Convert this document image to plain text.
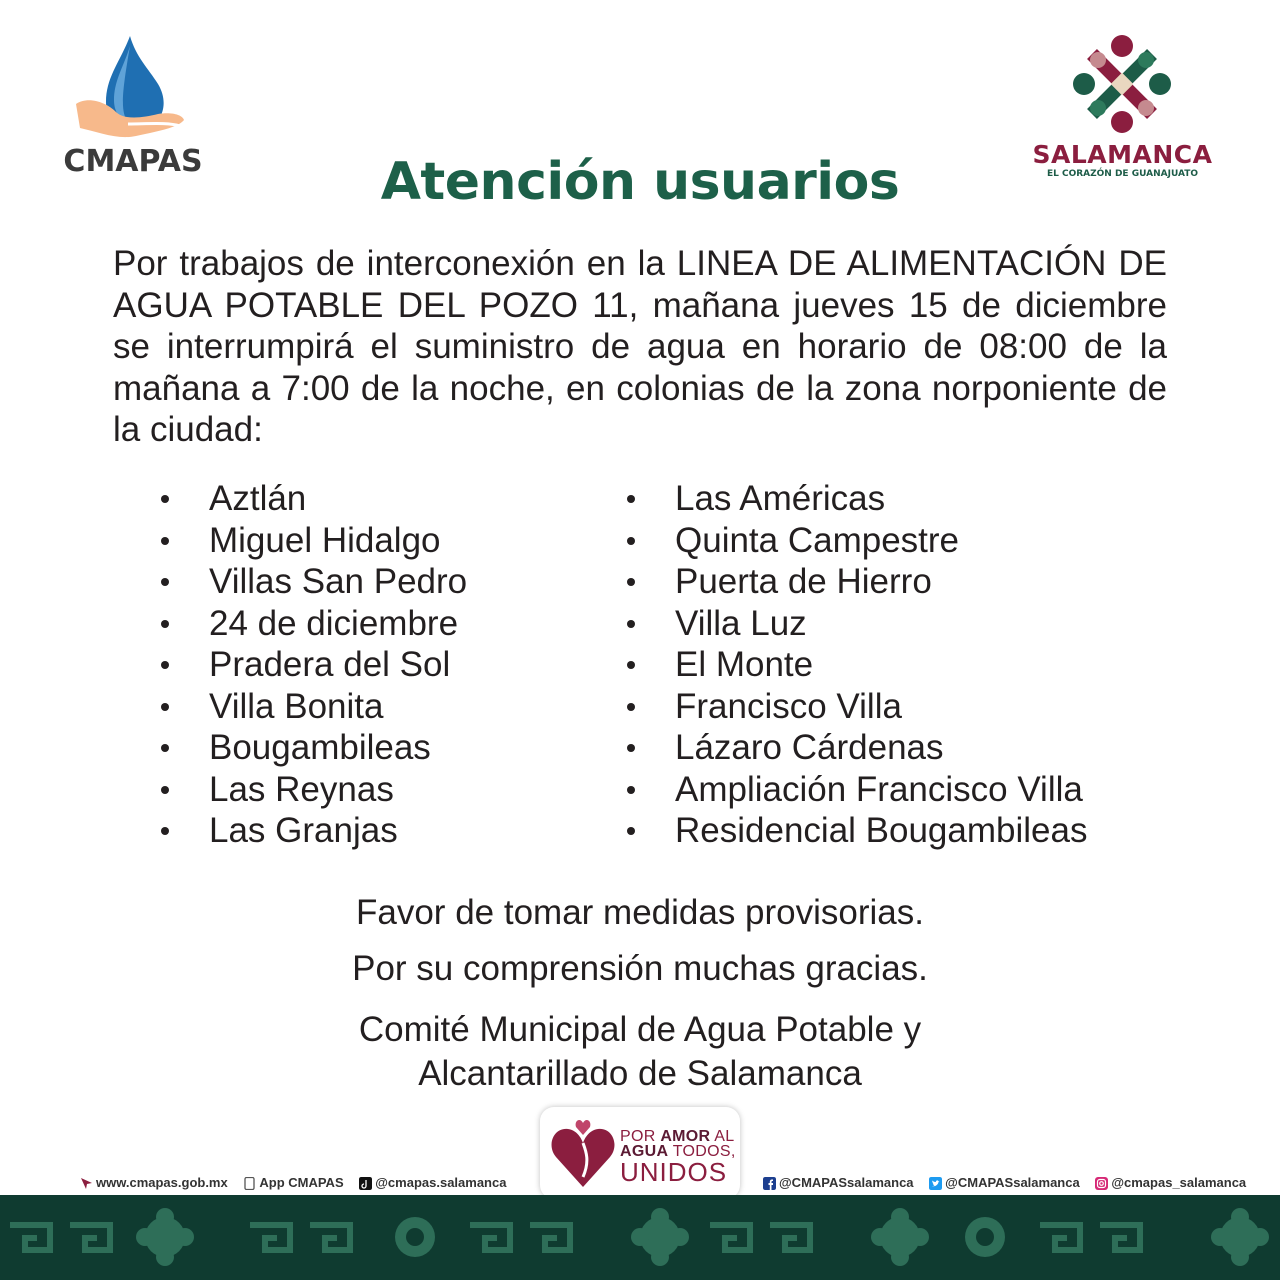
CMAPAS	SALAMANCA
EL CORAZÓN DE GUANAJUATO
Atención usuarios
Por trabajos de interconexión en la LINEA DE ALIMENTACIÓN DE AGUA POTABLE DEL POZO 11, mañana jueves 15 de diciembre se interrumpirá el suministro de agua en horario de 08:00 de la mañana a 7:00 de la noche, en colonias de la zona norponiente de la ciudad:
Aztlán
Miguel Hidalgo
Villas San Pedro
24 de diciembre
Pradera del Sol
Villa Bonita
Bougambileas
Las Reynas
Las Granjas
Las Américas
Quinta Campestre
Puerta de Hierro
Villa Luz
El Monte
Francisco Villa
Lázaro Cárdenas
Ampliación Francisco Villa
Residencial Bougambileas
Favor de tomar medidas provisorias.
Por su comprensión muchas gracias.
Comité Municipal de Agua Potable y
Alcantarillado de Salamanca
www.cmapas.gob.mx App CMAPAS @cmapas.salamanca	@CMAPASsalamanca @CMAPASsalamanca @cmapas_salamanca
POR AMOR AL
AGUA TODOS,
UNIDOS
